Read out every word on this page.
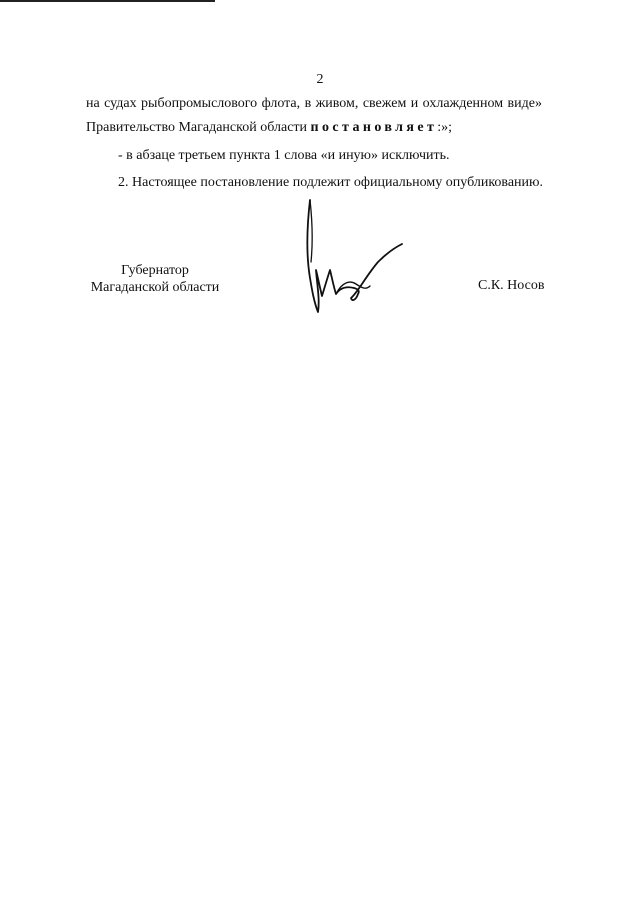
2
на судах рыбопромыслового флота, в живом, свежем и охлажденном виде»
Правительство Магаданской области постановляет:»;
- в абзаце третьем пункта 1 слова «и иную» исключить.
2. Настоящее постановление подлежит официальному опубликованию.
Губернатор
Магаданской области	С.К. Носов
